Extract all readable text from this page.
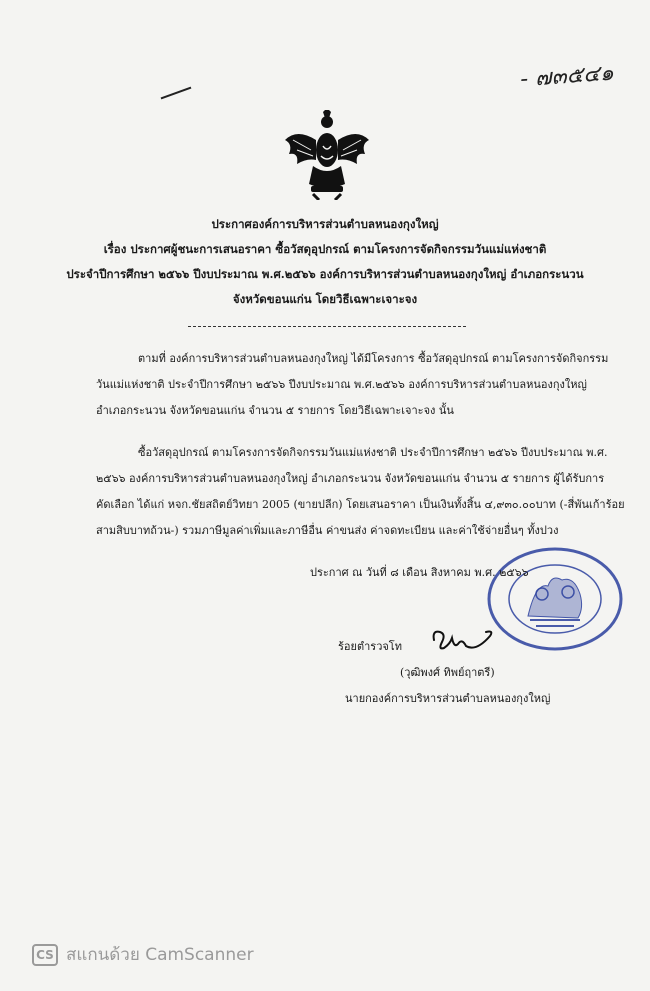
- ๗๓๕๔๑
ประกาศองค์การบริหารส่วนตำบลหนองกุงใหญ่
เรื่อง ประกาศผู้ชนะการเสนอราคา ซื้อวัสดุอุปกรณ์ ตามโครงการจัดกิจกรรมวันแม่แห่งชาติ
ประจำปีการศึกษา ๒๕๖๖ ปีงบประมาณ พ.ศ.๒๕๖๖ องค์การบริหารส่วนตำบลหนองกุงใหญ่ อำเภอกระนวน
จังหวัดขอนแก่น โดยวิธีเฉพาะเจาะจง
ตามที่ องค์การบริหารส่วนตำบลหนองกุงใหญ่ ได้มีโครงการ ซื้อวัสดุอุปกรณ์ ตามโครงการจัดกิจกรรม
วันแม่แห่งชาติ ประจำปีการศึกษา ๒๕๖๖ ปีงบประมาณ พ.ศ.๒๕๖๖ องค์การบริหารส่วนตำบลหนองกุงใหญ่
อำเภอกระนวน จังหวัดขอนแก่น จำนวน ๕ รายการ โดยวิธีเฉพาะเจาะจง นั้น
ซื้อวัสดุอุปกรณ์ ตามโครงการจัดกิจกรรมวันแม่แห่งชาติ ประจำปีการศึกษา ๒๕๖๖ ปีงบประมาณ พ.ศ.
๒๕๖๖ องค์การบริหารส่วนตำบลหนองกุงใหญ่ อำเภอกระนวน จังหวัดขอนแก่น จำนวน ๕ รายการ ผู้ได้รับการ
คัดเลือก ได้แก่ หจก.ชัยสถิตย์วิทยา 2005 (ขายปลีก) โดยเสนอราคา เป็นเงินทั้งสิ้น ๔,๙๓๐.๐๐บาท (-สี่พันเก้าร้อย
สามสิบบาทถ้วน-) รวมภาษีมูลค่าเพิ่มและภาษีอื่น ค่าขนส่ง ค่าจดทะเบียน และค่าใช้จ่ายอื่นๆ ทั้งปวง
ประกาศ ณ วันที่ ๘ เดือน สิงหาคม พ.ศ. ๒๕๖๖
ร้อยตำรวจโท
(วุฒิพงศ์ ทิพย์ฤาตรี)
นายกองค์การบริหารส่วนตำบลหนองกุงใหญ่
CS สแกนด้วย CamScanner
